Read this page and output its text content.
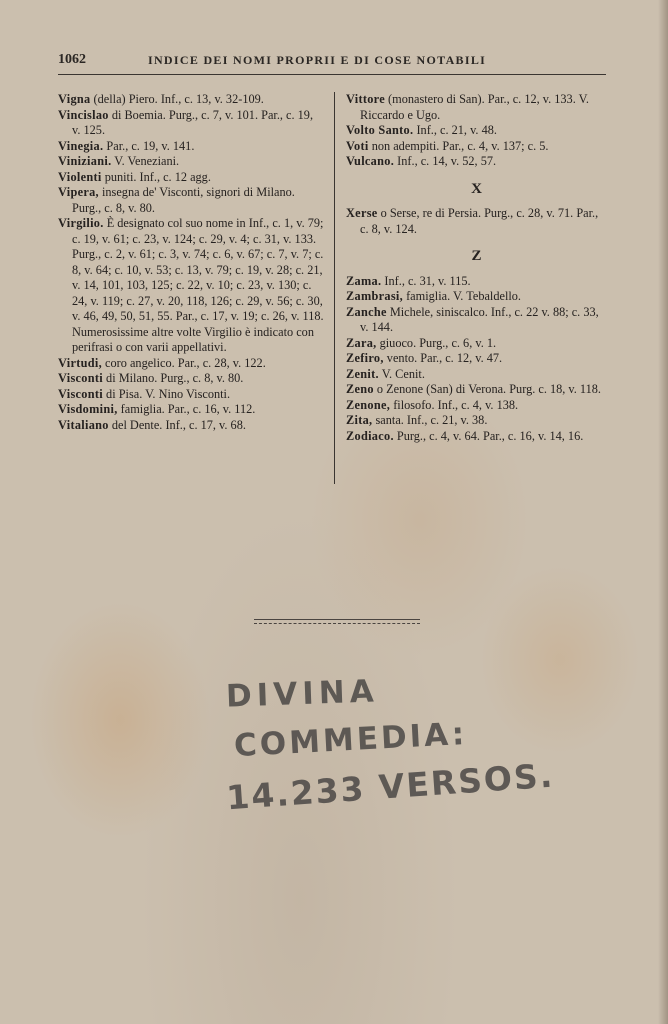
1062	INDICE DEI NOMI PROPRII E DI COSE NOTABILI

Vigna (della) Piero. Inf., c. 13, v. 32-109.

Vincislao di Boemia. Purg., c. 7, v. 101. Par., c. 19, v. 125.

Vinegia. Par., c. 19, v. 141.

Viniziani. V. Veneziani.

Violenti puniti. Inf., c. 12 agg.

Vipera, insegna de' Visconti, signori di Milano. Purg., c. 8, v. 80.

Virgilio. È designato col suo nome in Inf., c. 1, v. 79; c. 19, v. 61; c. 23, v. 124; c. 29, v. 4; c. 31, v. 133. Purg., c. 2, v. 61; c. 3, v. 74; c. 6, v. 67; c. 7, v. 7; c. 8, v. 64; c. 10, v. 53; c. 13, v. 79; c. 19, v. 28; c. 21, v. 14, 101, 103, 125; c. 22, v. 10; c. 23, v. 130; c. 24, v. 119; c. 27, v. 20, 118, 126; c. 29, v. 56; c. 30, v. 46, 49, 50, 51, 55. Par., c. 17, v. 19; c. 26, v. 118. Numerosissime altre volte Virgilio è indicato con perifrasi o con varii appellativi.

Virtudi, coro angelico. Par., c. 28, v. 122.

Visconti di Milano. Purg., c. 8, v. 80.

Visconti di Pisa. V. Nino Visconti.

Visdomini, famiglia. Par., c. 16, v. 112.

Vitaliano del Dente. Inf., c. 17, v. 68.

Vittore (monastero di San). Par., c. 12, v. 133. V. Riccardo e Ugo.

Volto Santo. Inf., c. 21, v. 48.

Voti non adempiti. Par., c. 4, v. 137; c. 5.

Vulcano. Inf., c. 14, v. 52, 57.

X

Xerse o Serse, re di Persia. Purg., c. 28, v. 71. Par., c. 8, v. 124.

Z

Zama. Inf., c. 31, v. 115.

Zambrasi, famiglia. V. Tebaldello.

Zanche Michele, siniscalco. Inf., c. 22 v. 88; c. 33, v. 144.

Zara, giuoco. Purg., c. 6, v. 1.

Zefiro, vento. Par., c. 12, v. 47.

Zenit. V. Cenit.

Zeno o Zenone (San) di Verona. Purg. c. 18, v. 118.

Zenone, filosofo. Inf., c. 4, v. 138.

Zita, santa. Inf., c. 21, v. 38.

Zodiaco. Purg., c. 4, v. 64. Par., c. 16, v. 14, 16.

DIVINA
COMMEDIA:
14.233 VERSOS.
